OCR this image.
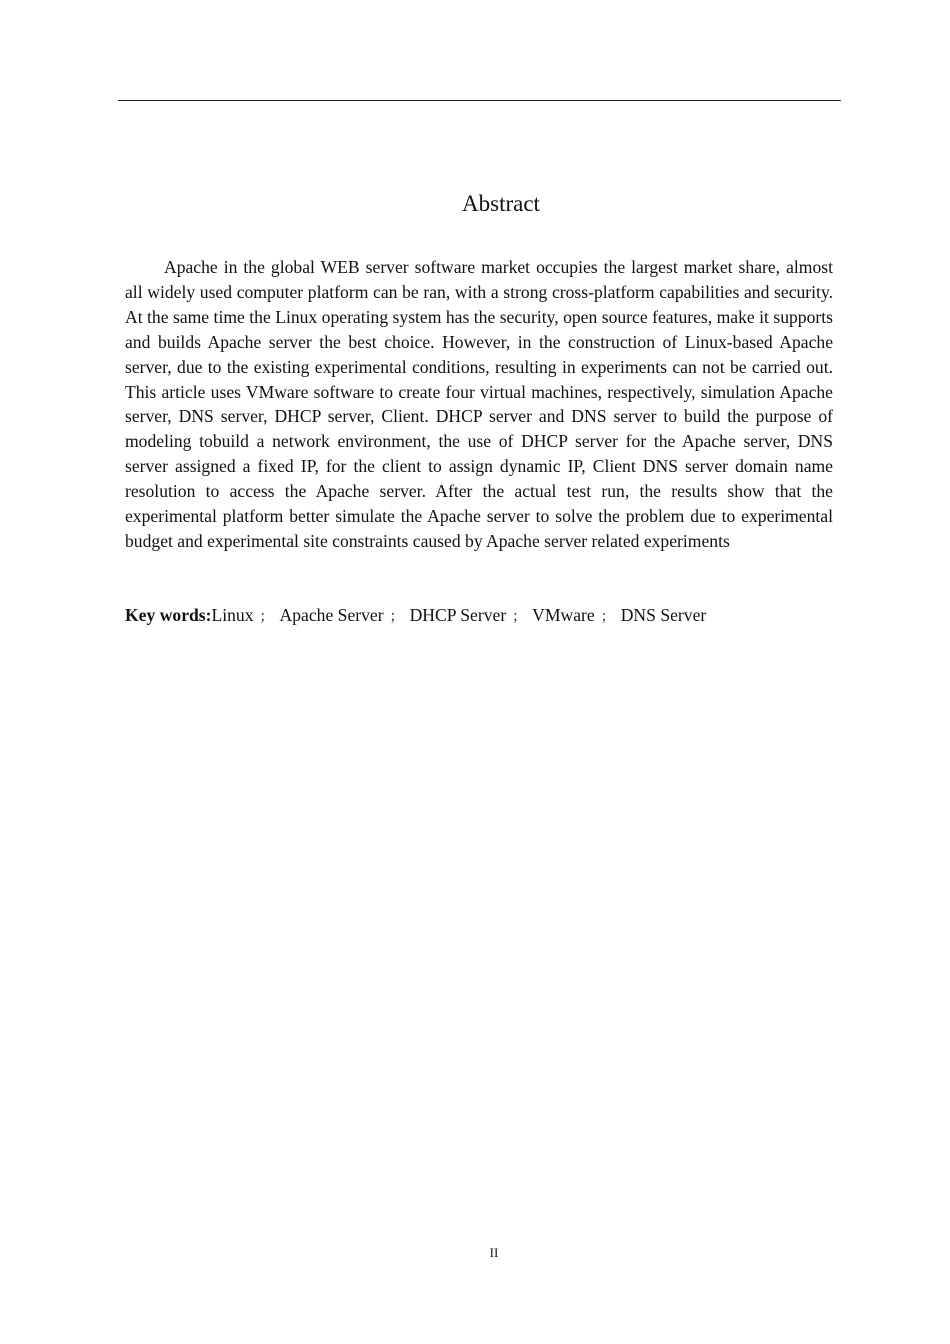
Abstract

Apache in the global WEB server software market occupies the largest market share, almost all widely used computer platform can be ran, with a strong cross-platform capabilities and security. At the same time the Linux operating system has the security, open source features, make it supports and builds Apache server the best choice. However, in the construction of Linux-based Apache server, due to the existing experimental conditions, resulting in experiments can not be carried out. This article uses VMware software to create four virtual machines, respectively, simulation Apache server, DNS server, DHCP server, Client. DHCP server and DNS server to build the purpose of modeling tobuild a network environment, the use of DHCP server for the Apache server, DNS server assigned a fixed IP, for the client to assign dynamic IP, Client DNS server domain name resolution to access the Apache server. After the actual test run, the results show that the experimental platform better simulate the Apache server to solve the problem due to experimental budget and experimental site constraints caused by Apache server related experiments

Key words:Linux ； Apache Server ； DHCP Server ； VMware ； DNS Server

II
